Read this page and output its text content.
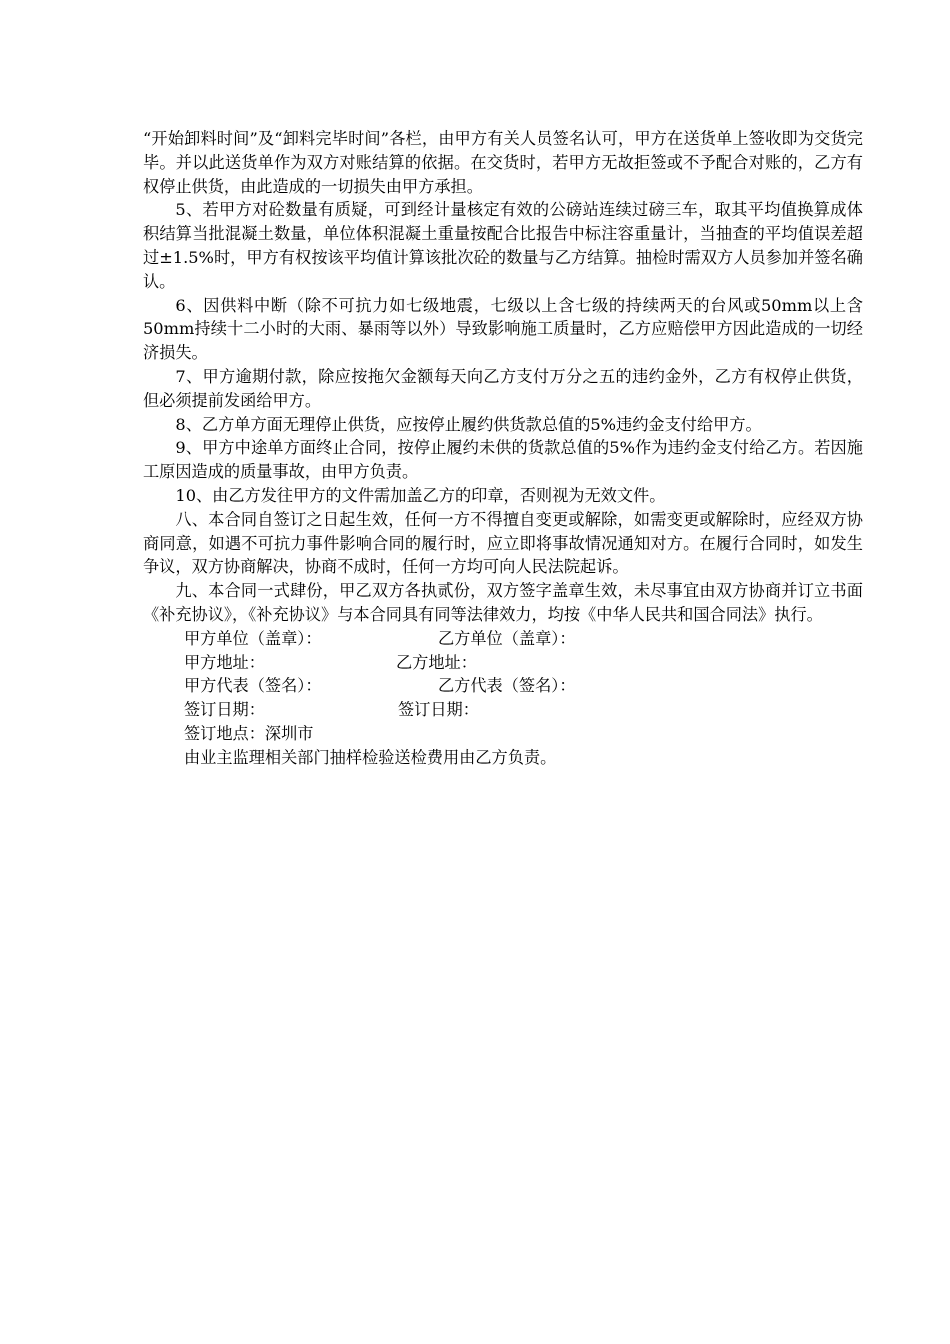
“开始卸料时间”及“卸料完毕时间”各栏，由甲方有关人员签名认可，甲方在送货单上签收即为交货完毕。并以此送货单作为双方对账结算的依据。在交货时，若甲方无故拒签或不予配合对账的，乙方有权停止供货，由此造成的一切损失由甲方承担。

5、若甲方对砼数量有质疑，可到经计量核定有效的公磅站连续过磅三车，取其平均值换算成体积结算当批混凝土数量，单位体积混凝土重量按配合比报告中标注容重量计，当抽查的平均值误差超过±1.5%时，甲方有权按该平均值计算该批次砼的数量与乙方结算。抽检时需双方人员参加并签名确认。

6、因供料中断（除不可抗力如七级地震，七级以上含七级的持续两天的台风或50mm以上含50mm持续十二小时的大雨、暴雨等以外）导致影响施工质量时，乙方应赔偿甲方因此造成的一切经济损失。

7、甲方逾期付款，除应按拖欠金额每天向乙方支付万分之五的违约金外，乙方有权停止供货，但必须提前发函给甲方。

8、乙方单方面无理停止供货，应按停止履约供货款总值的5%违约金支付给甲方。

9、甲方中途单方面终止合同，按停止履约未供的货款总值的5%作为违约金支付给乙方。若因施工原因造成的质量事故，由甲方负责。

10、由乙方发往甲方的文件需加盖乙方的印章，否则视为无效文件。

八、本合同自签订之日起生效，任何一方不得擅自变更或解除，如需变更或解除时，应经双方协商同意，如遇不可抗力事件影响合同的履行时，应立即将事故情况通知对方。在履行合同时，如发生争议，双方协商解决，协商不成时，任何一方均可向人民法院起诉。

九、本合同一式肆份，甲乙双方各执贰份，双方签字盖章生效，未尽事宜由双方协商并订立书面《补充协议》，《补充协议》与本合同具有同等法律效力，均按《中华人民共和国合同法》执行。

甲方单位（盖章）：	乙方单位（盖章）：
甲方地址：	乙方地址：
甲方代表（签名）：	乙方代表（签名）：
签订日期：	签订日期：
签订地点：深圳市
由业主监理相关部门抽样检验送检费用由乙方负责。
